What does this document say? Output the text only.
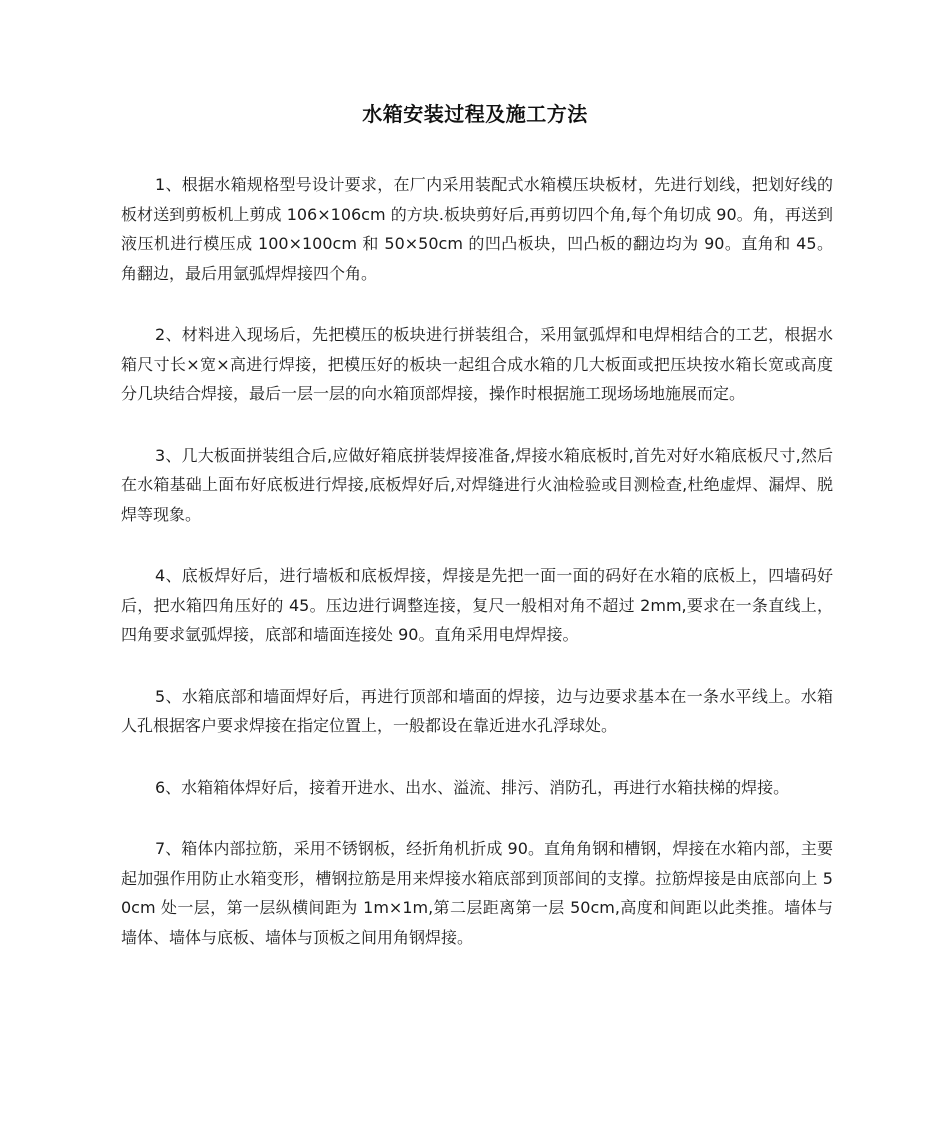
水箱安装过程及施工方法

1、根据水箱规格型号设计要求，在厂内采用装配式水箱模压块板材，先进行划线，把划好线的板材送到剪板机上剪成 106×106cm 的方块.板块剪好后,再剪切四个角,每个角切成 90。角，再送到液压机进行模压成 100×100cm 和 50×50cm 的凹凸板块，凹凸板的翻边均为 90。直角和 45。角翻边，最后用氩弧焊焊接四个角。

2、材料进入现场后，先把模压的板块进行拼装组合，采用氩弧焊和电焊相结合的工艺，根据水箱尺寸长×宽×高进行焊接，把模压好的板块一起组合成水箱的几大板面或把压块按水箱长宽或高度分几块结合焊接，最后一层一层的向水箱顶部焊接，操作时根据施工现场场地施展而定。

3、几大板面拼装组合后,应做好箱底拼装焊接准备,焊接水箱底板时,首先对好水箱底板尺寸,然后在水箱基础上面布好底板进行焊接,底板焊好后,对焊缝进行火油检验或目测检查,杜绝虚焊、漏焊、脱焊等现象。

4、底板焊好后，进行墙板和底板焊接，焊接是先把一面一面的码好在水箱的底板上，四墙码好后，把水箱四角压好的 45。压边进行调整连接，复尺一般相对角不超过 2mm,要求在一条直线上，四角要求氩弧焊接，底部和墙面连接处 90。直角采用电焊焊接。

5、水箱底部和墙面焊好后，再进行顶部和墙面的焊接，边与边要求基本在一条水平线上。水箱人孔根据客户要求焊接在指定位置上，一般都设在靠近进水孔浮球处。

6、水箱箱体焊好后，接着开进水、出水、溢流、排污、消防孔，再进行水箱扶梯的焊接。

7、箱体内部拉筋，采用不锈钢板，经折角机折成 90。直角角钢和槽钢，焊接在水箱内部，主要起加强作用防止水箱变形，槽钢拉筋是用来焊接水箱底部到顶部间的支撑。拉筋焊接是由底部向上 50cm 处一层，第一层纵横间距为 1m×1m,第二层距离第一层 50cm,高度和间距以此类推。墙体与墙体、墙体与底板、墙体与顶板之间用角钢焊接。
